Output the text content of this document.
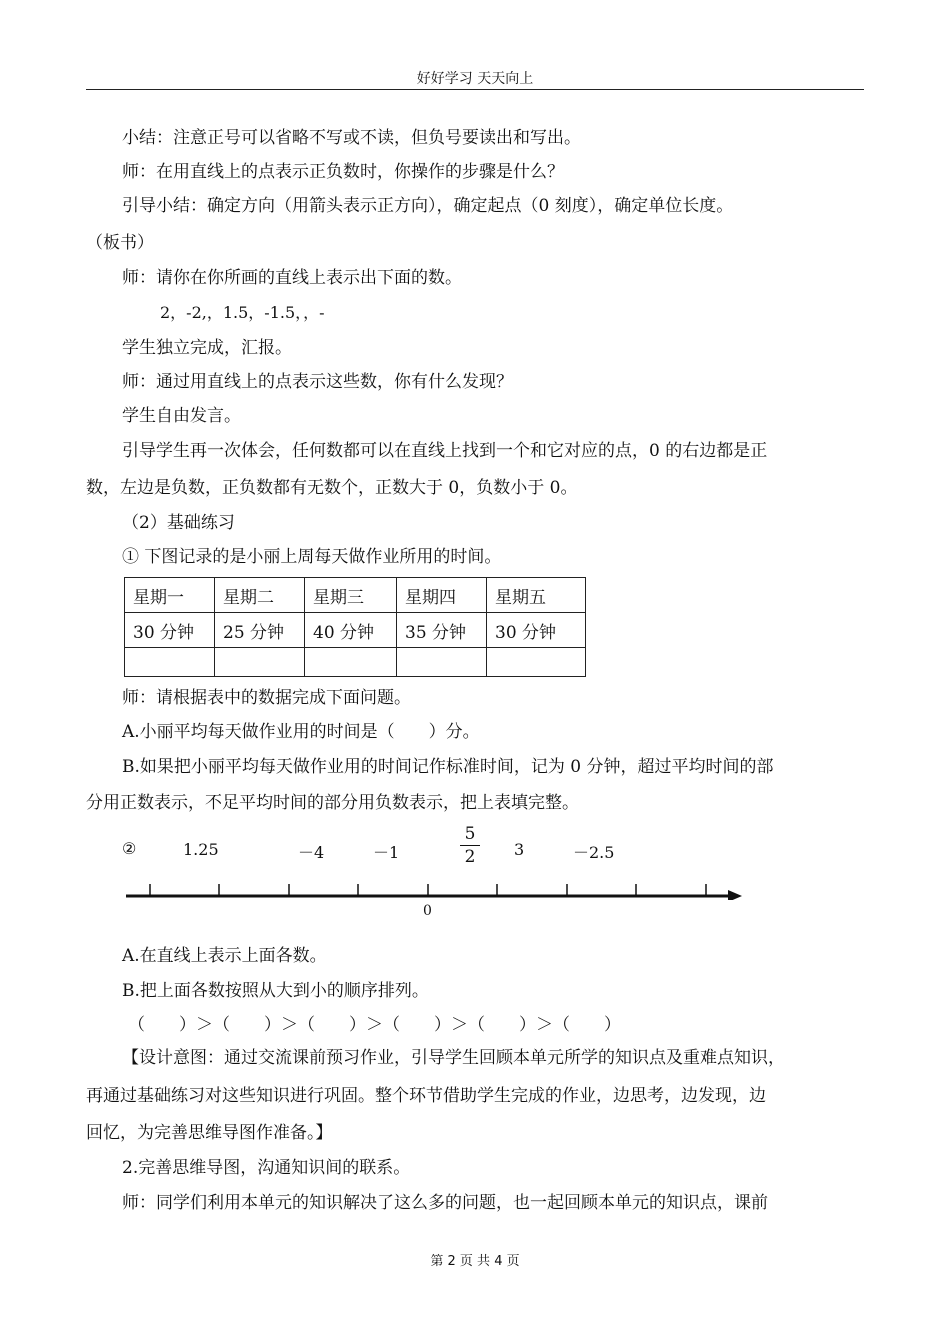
好好学习 天天向上
小结：注意正号可以省略不写或不读，但负号要读出和写出。
师：在用直线上的点表示正负数时，你操作的步骤是什么？
引导小结：确定方向（用箭头表示正方向），确定起点（0 刻度），确定单位长度。
（板书）
师：请你在你所画的直线上表示出下面的数。
2，-2,，1.5，-1.5，，-
学生独立完成，汇报。
师：通过用直线上的点表示这些数，你有什么发现？
学生自由发言。
引导学生再一次体会，任何数都可以在直线上找到一个和它对应的点，0 的右边都是正
数，左边是负数，正负数都有无数个，正数大于 0，负数小于 0。
（2）基础练习
① 下图记录的是小丽上周每天做作业所用的时间。
星期一	星期二	星期三	星期四	星期五
30 分钟	25 分钟	40 分钟	35 分钟	30 分钟

师：请根据表中的数据完成下面问题。
A.小丽平均每天做作业用的时间是（　　）分。
B.如果把小丽平均每天做作业用的时间记作标准时间，记为 0 分钟，超过平均时间的部
分用正数表示，不足平均时间的部分用负数表示，把上表填完整。
②	1.25	－4	－1
5
2 3	－2.5
0
A.在直线上表示上面各数。
B.把上面各数按照从大到小的顺序排列。
（　　）＞（　　）＞（　　）＞（　　）＞（　　）＞（　　）
【设计意图：通过交流课前预习作业，引导学生回顾本单元所学的知识点及重难点知识，
再通过基础练习对这些知识进行巩固。整个环节借助学生完成的作业，边思考，边发现，边
回忆，为完善思维导图作准备。】
2.完善思维导图，沟通知识间的联系。
师：同学们利用本单元的知识解决了这么多的问题，也一起回顾本单元的知识点，课前
第 2 页 共 4 页
